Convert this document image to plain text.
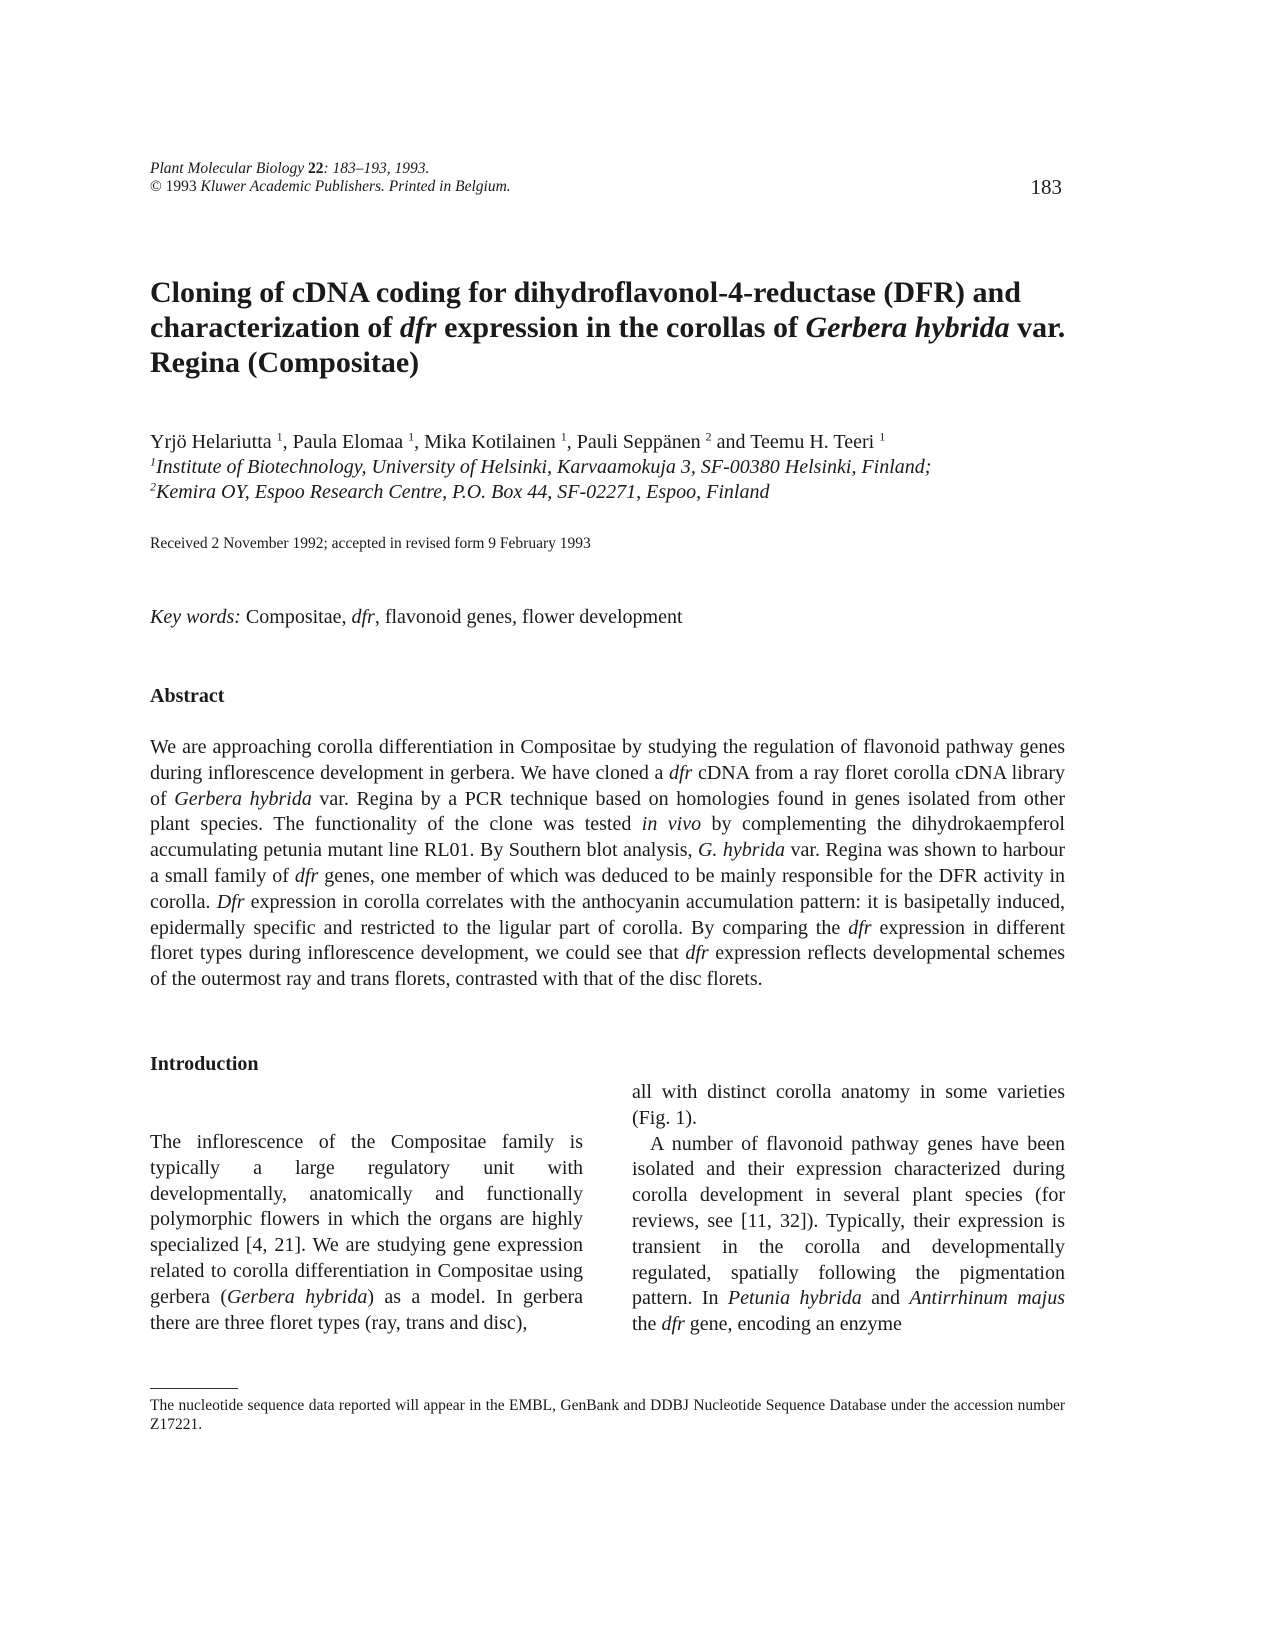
Plant Molecular Biology 22: 183–193, 1993.
© 1993 Kluwer Academic Publishers. Printed in Belgium.	183
Cloning of cDNA coding for dihydroflavonol-4-reductase (DFR) and characterization of dfr expression in the corollas of Gerbera hybrida var. Regina (Compositae)
Yrjö Helariutta $^1$, Paula Elomaa $^1$, Mika Kotilainen $^1$, Pauli Seppänen $^2$ and Teemu H. Teeri $^1$
$^1$Institute of Biotechnology, University of Helsinki, Karvaamokuja 3, SF-00380 Helsinki, Finland;
$^2$Kemira OY, Espoo Research Centre, P.O. Box 44, SF-02271, Espoo, Finland
Received 2 November 1992; accepted in revised form 9 February 1993
Key words: Compositae, dfr, flavonoid genes, flower development
Abstract

We are approaching corolla differentiation in Compositae by studying the regulation of flavonoid pathway genes during inflorescence development in gerbera. We have cloned a dfr cDNA from a ray floret corolla cDNA library of Gerbera hybrida var. Regina by a PCR technique based on homologies found in genes isolated from other plant species. The functionality of the clone was tested in vivo by complementing the dihydrokaempferol accumulating petunia mutant line RL01. By Southern blot analysis, G. hybrida var. Regina was shown to harbour a small family of dfr genes, one member of which was deduced to be mainly responsible for the DFR activity in corolla. Dfr expression in corolla correlates with the anthocyanin accumulation pattern: it is basipetally induced, epidermally specific and restricted to the ligular part of corolla. By comparing the dfr expression in different floret types during inflorescence development, we could see that dfr expression reflects developmental schemes of the outermost ray and trans florets, contrasted with that of the disc florets.

Introduction

The inflorescence of the Compositae family is typically a large regulatory unit with developmentally, anatomically and functionally polymorphic flowers in which the organs are highly specialized [4, 21]. We are studying gene expression related to corolla differentiation in Compositae using gerbera (Gerbera hybrida) as a model. In gerbera there are three floret types (ray, trans and disc),

all with distinct corolla anatomy in some varieties (Fig. 1).

A number of flavonoid pathway genes have been isolated and their expression characterized during corolla development in several plant species (for reviews, see [11, 32]). Typically, their expression is transient in the corolla and developmentally regulated, spatially following the pigmentation pattern. In Petunia hybrida and Antirrhinum majus the dfr gene, encoding an enzyme

The nucleotide sequence data reported will appear in the EMBL, GenBank and DDBJ Nucleotide Sequence Database under the accession number Z17221.
